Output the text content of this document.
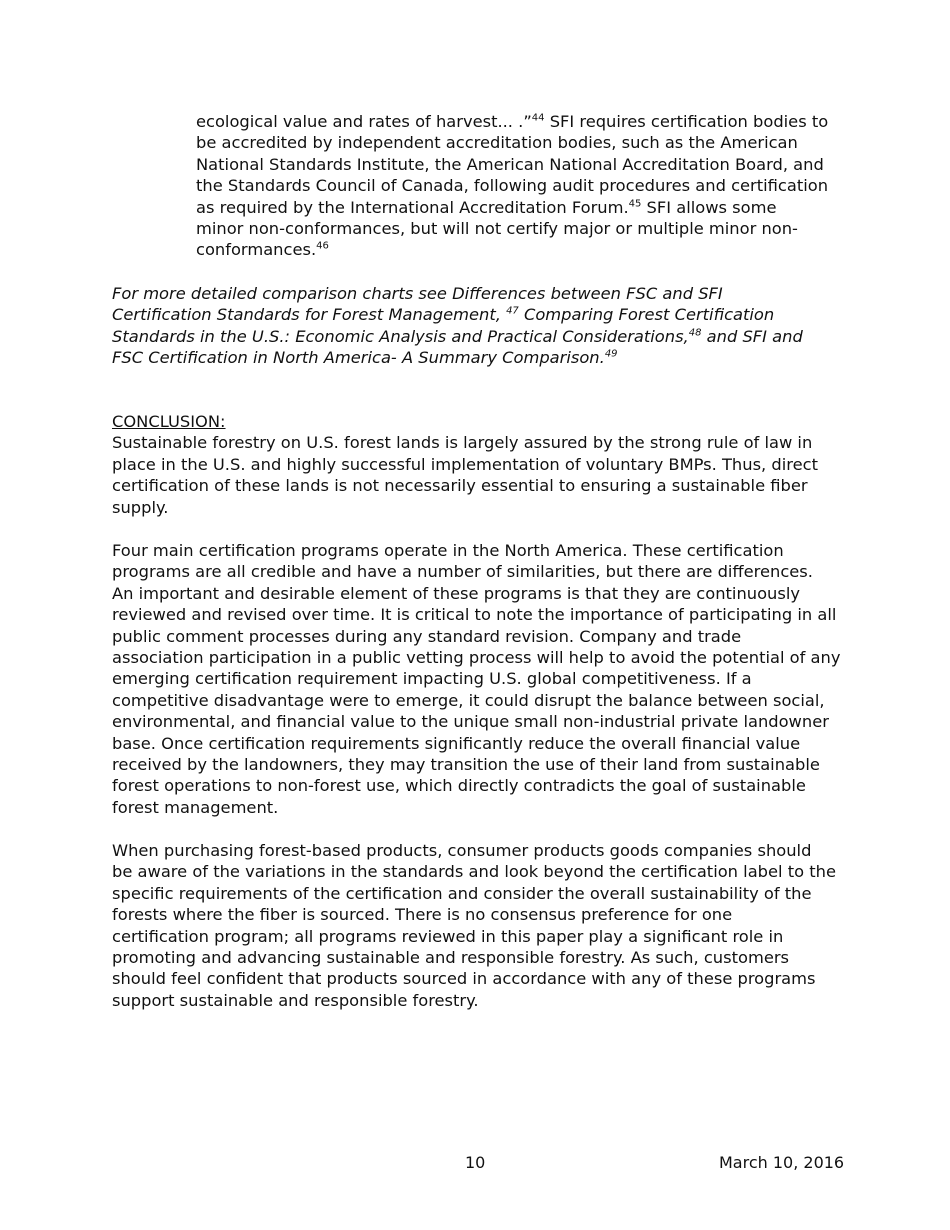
ecological value and rates of harvest... .”$^{44}$ SFI requires certification bodies to
be accredited by independent accreditation bodies, such as the American
National Standards Institute, the American National Accreditation Board, and
the Standards Council of Canada, following audit procedures and certification
as required by the International Accreditation Forum.$^{45}$ SFI allows some
minor non-conformances, but will not certify major or multiple minor non-
conformances.$^{46}$
For more detailed comparison charts see Differences between FSC and SFI
Certification Standards for Forest Management, $^{47}$ Comparing Forest Certification
Standards in the U.S.: Economic Analysis and Practical Considerations,$^{48}$ and SFI and
FSC Certification in North America- A Summary Comparison.$^{49}$
CONCLUSION:
Sustainable forestry on U.S. forest lands is largely assured by the strong rule of law in
place in the U.S. and highly successful implementation of voluntary BMPs. Thus, direct
certification of these lands is not necessarily essential to ensuring a sustainable fiber
supply.
Four main certification programs operate in the North America. These certification
programs are all credible and have a number of similarities, but there are differences.
An important and desirable element of these programs is that they are continuously
reviewed and revised over time. It is critical to note the importance of participating in all
public comment processes during any standard revision. Company and trade
association participation in a public vetting process will help to avoid the potential of any
emerging certification requirement impacting U.S. global competitiveness. If a
competitive disadvantage were to emerge, it could disrupt the balance between social,
environmental, and financial value to the unique small non-industrial private landowner
base. Once certification requirements significantly reduce the overall financial value
received by the landowners, they may transition the use of their land from sustainable
forest operations to non-forest use, which directly contradicts the goal of sustainable
forest management.
When purchasing forest-based products, consumer products goods companies should
be aware of the variations in the standards and look beyond the certification label to the
specific requirements of the certification and consider the overall sustainability of the
forests where the fiber is sourced. There is no consensus preference for one
certification program; all programs reviewed in this paper play a significant role in
promoting and advancing sustainable and responsible forestry. As such, customers
should feel confident that products sourced in accordance with any of these programs
support sustainable and responsible forestry.
10	March 10, 2016
